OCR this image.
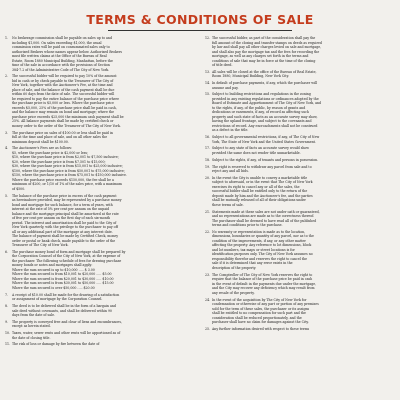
TERMS & CONDITIONS OF SALE
1. No brokerage commission shall be payable on sales up to and
including $1,000. On sales exceeding $1,000, the usual
commission rates will be paid on consummated sales only to
authorized Brokers whose names appear below. Authorized Brokers
must file written claims at the Office of the Bureau of Real
Estate, Room 1880 Municipal Building, Manhattan, before the
time of the sale in accordance with the provisions of Section
384-7.2 of the Administrative Code of The City of New York.
2. The successful bidder will be required to pay 10% of the amount
bid in cash or by check payable to the Treasurer of The City of
New York, together with the Auctioneer's Fee, at the time and
place of sale, and the balance of the cash payment shall be due
within 60 days from the date of sale. The successful bidder will
be required to pay the entire balance of the purchase price where
the purchase price is $5,000 or less. Where the purchase price
exceeds $5,000, 25% of the purchase price shall be paid in cash,
and the balance may remain on bond and mortgage; where the
purchase price exceeds $25,000 the minimum cash payment shall be
25%. All balance payments shall be made by certified check or
money order to the order of the Treasurer of The City of New York.
3. The purchase price on sales of $100.00 or less shall be paid in
full at the time and place of sale, and on all other sales the
minimum deposit shall be $100.00.
4. The Auctioneer's Fees are as follows:
$5, where the purchase price is $2,000 or less;
$10, where the purchase price is from $2,001 to $7,500 inclusive;
$20, where the purchase price is from $7,501 to $15,000;
$30, where the purchase price is from $15,001 to $25,000 inclusive;
$100, where the purchase price is from $50,001 to $75,000 inclusive;
$150, where the purchase price is from $75,001 to $150,000 inclusive.
Where the purchase price exceeds $150,000, the fee shall be a
minimum of $200, or 1/10 of 1% of the sales price, with a maximum
of $500.
5. The balance of the purchase price in excess of the cash payment
as hereinabove provided, may be represented by a purchase money
bond and mortgage for such balance, for a term of years, with
interest at the rate of 5% per cent per annum on the unpaid
balance and the mortgage principal shall be amortized at the rate
of five per cent per annum on the first day of each six-month
period. The interest and amortization shall be paid to the City of
New York quarterly, with the privilege to the purchaser to pay off
all or any additional part of the mortgage at any interest date.
The balance of payment shall be made by Certified Check, money
order or postal or bank check, made payable to the order of the
Treasurer of The City of New York.
6. The purchase money bond of form and mortgage shall be prepared by
the Corporation Counsel of the City of New York, at the expense of
the purchaser. The following schedule of fees for drawing purchase
money bonds or notes and mortgages shall apply:
Where the sum secured is up to $10,000 ..... $ 3.00
Where the sum secured is from $10,001 to $20,000 ..... $5.00
Where the sum secured is from $20,001 to $30,000 ..... $10.00
Where the sum secured is from $30,001 to $50,000 ..... $15.00
Where the sum secured is over $50,000 ..... $20.00
7. A receipt of $10.00 shall be made for the drawing of a satisfaction
or assignment of mortgage by the Corporation Counsel.
8. The deed is to be delivered shall be in the form of a bargain and
sale deed without covenants, and shall be delivered within 90
days from the date of sale.
9. The property is conveyed free and clear of liens and encumbrances,
except as herein stated.
10. Taxes, water, sewer rents and other rents will be apportioned as of
the date of closing title.
11. The risk of loss or damage by fire between the date of
12. The successful bidder, as part of the consideration shall pay the
full amount of the closing and transfer stamps on deeds as required
by law and shall pay all other charges levied on sale and mortgage,
and shall also pay the mortgage tax and the fees for recording the
mortgage, as well as any charges set forth in the terms and
conditions of sale that may be in force at the time of the closing
of title deed.
13. All sales will be closed at the office of the Bureau of Real Estate,
Room 1880, Municipal Building, New York City.
14. In default of purchase payments, if any, which the purchaser will
assume and pay.
15. Subject to building restrictions and regulations in the zoning
provided in any existing regulations or ordinances adopted by the
Board of Estimate and Apportionment of The City of New York, and
to the rights, if any, of the public, by reason of grants and
dedications or easements, if any, of record as affecting such
property and such state of facts as an accurate survey may show,
having the upland frontage, and subject to the covenants and
restrictions of record. Any encroachments shall not be construed
as a defect in the title.
16. Subject to all governmental restrictions, if any, of The City of New
York, The State of New York and the United States Government.
17. Subject to any state of facts an accurate survey would show
provided the same does not render title unmarketable.
18. Subject to the rights, if any, of tenants and persons in possession.
19. The right is reserved to withdraw any parcel from sale and to
reject any and all bids.
20. In the event the City is unable to convey a marketable title
subject to aforesaid, or in the event that The City of New York
exercises its right to cancel any or all of the sales, the
successful bidder shall be entitled only to the return of the
deposit made by him and the Auctioneer's fee, and the parties
shall be mutually released of all of their obligations under
these terms of sale.
21. Statements made at these sales are not under oath or guaranteed,
and no representations are made as to the correctness thereof.
The purchaser shall be deemed to have read all of the published
terms and conditions prior to the purchase.
22. No warranty or representation is made as to the location,
dimensions, boundaries or quantity of any parcel, nor as to the
condition of the improvements, if any, or any other matter
affecting the property. Any reference to lot dimensions, block
and lot numbers, tax maps or street locations is for
identification purposes only. The City of New York assumes no
responsibility therefor and reserves the right to cancel the
sale if it is determined that any error exists in the
description of the property.
23. The Comptroller of The City of New York reserves the right to
require that the balance of the purchase price be paid in cash
in the event of default in the payments due under the mortgage,
and the City may recover any deficiency which may result from
any resale of the property.
24. In the event of the acquisition by The City of New York for
condemnation or otherwise of any part or portion of any premises
sold for the term of these sales, the purchaser or its assigns
shall be entitled to no compensation for such part and the
consideration shall be reduced proportionately, and the
purchaser shall have no claim for damages against the City.
25. Any further information desired with respect to these terms
